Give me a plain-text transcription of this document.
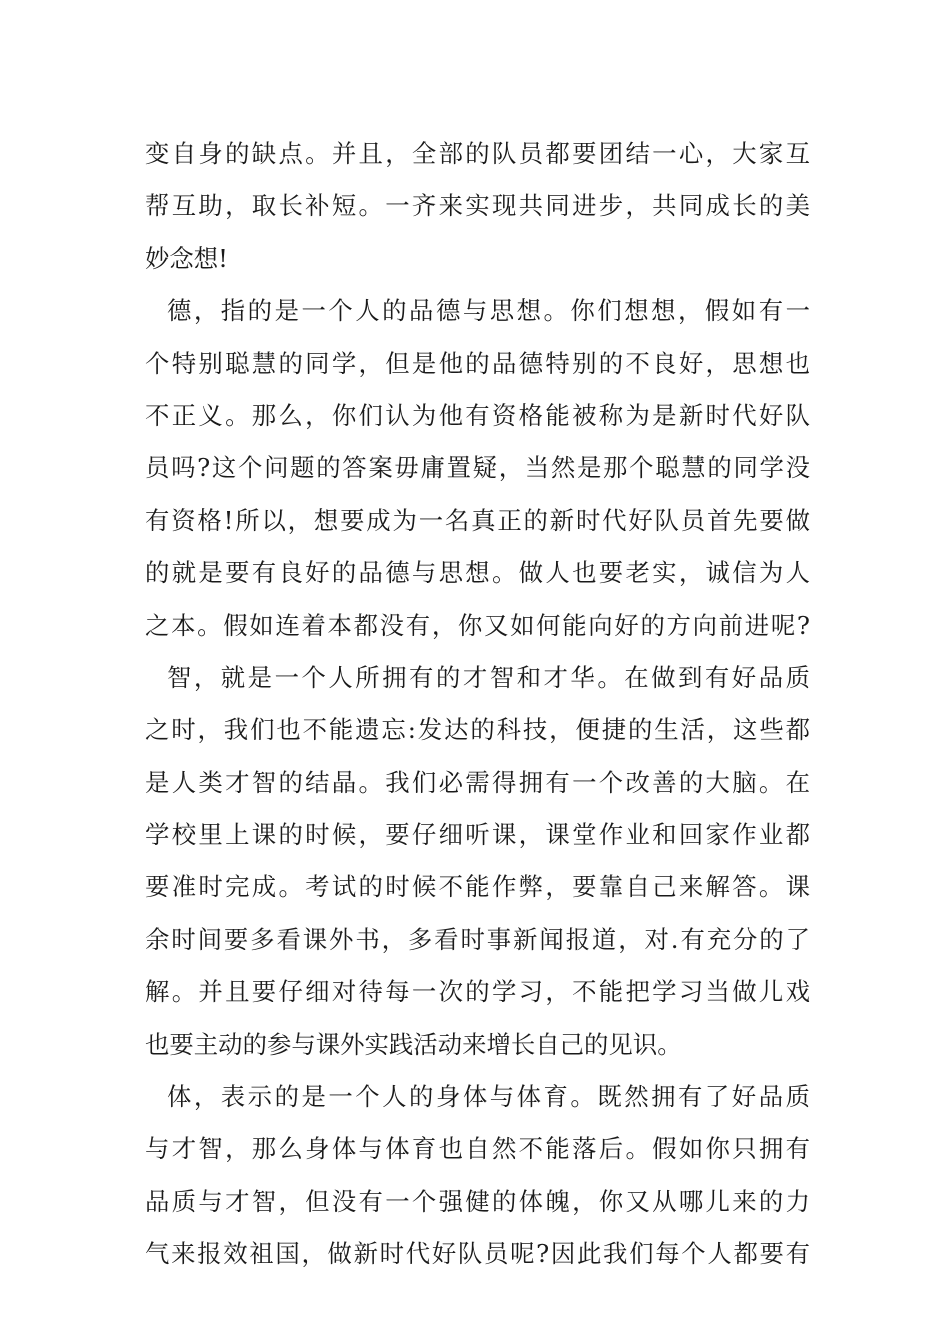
变自身的缺点。并且，全部的队员都要团结一心，大家互
帮互助，取长补短。一齐来实现共同进步，共同成长的美
妙念想!
德，指的是一个人的品德与思想。你们想想，假如有一
个特别聪慧的同学，但是他的品德特别的不良好，思想也
不正义。那么，你们认为他有资格能被称为是新时代好队
员吗?这个问题的答案毋庸置疑，当然是那个聪慧的同学没
有资格!所以，想要成为一名真正的新时代好队员首先要做
的就是要有良好的品德与思想。做人也要老实，诚信为人
之本。假如连着本都没有，你又如何能向好的方向前进呢?
智，就是一个人所拥有的才智和才华。在做到有好品质
之时，我们也不能遗忘:发达的科技，便捷的生活，这些都
是人类才智的结晶。我们必需得拥有一个改善的大脑。在
学校里上课的时候，要仔细听课，课堂作业和回家作业都
要准时完成。考试的时候不能作弊，要靠自己来解答。课
余时间要多看课外书，多看时事新闻报道，对.有充分的了
解。并且要仔细对待每一次的学习，不能把学习当做儿戏
也要主动的参与课外实践活动来增长自己的见识。
体，表示的是一个人的身体与体育。既然拥有了好品质
与才智，那么身体与体育也自然不能落后。假如你只拥有
品质与才智，但没有一个强健的体魄，你又从哪儿来的力
气来报效祖国，做新时代好队员呢?因此我们每个人都要有
